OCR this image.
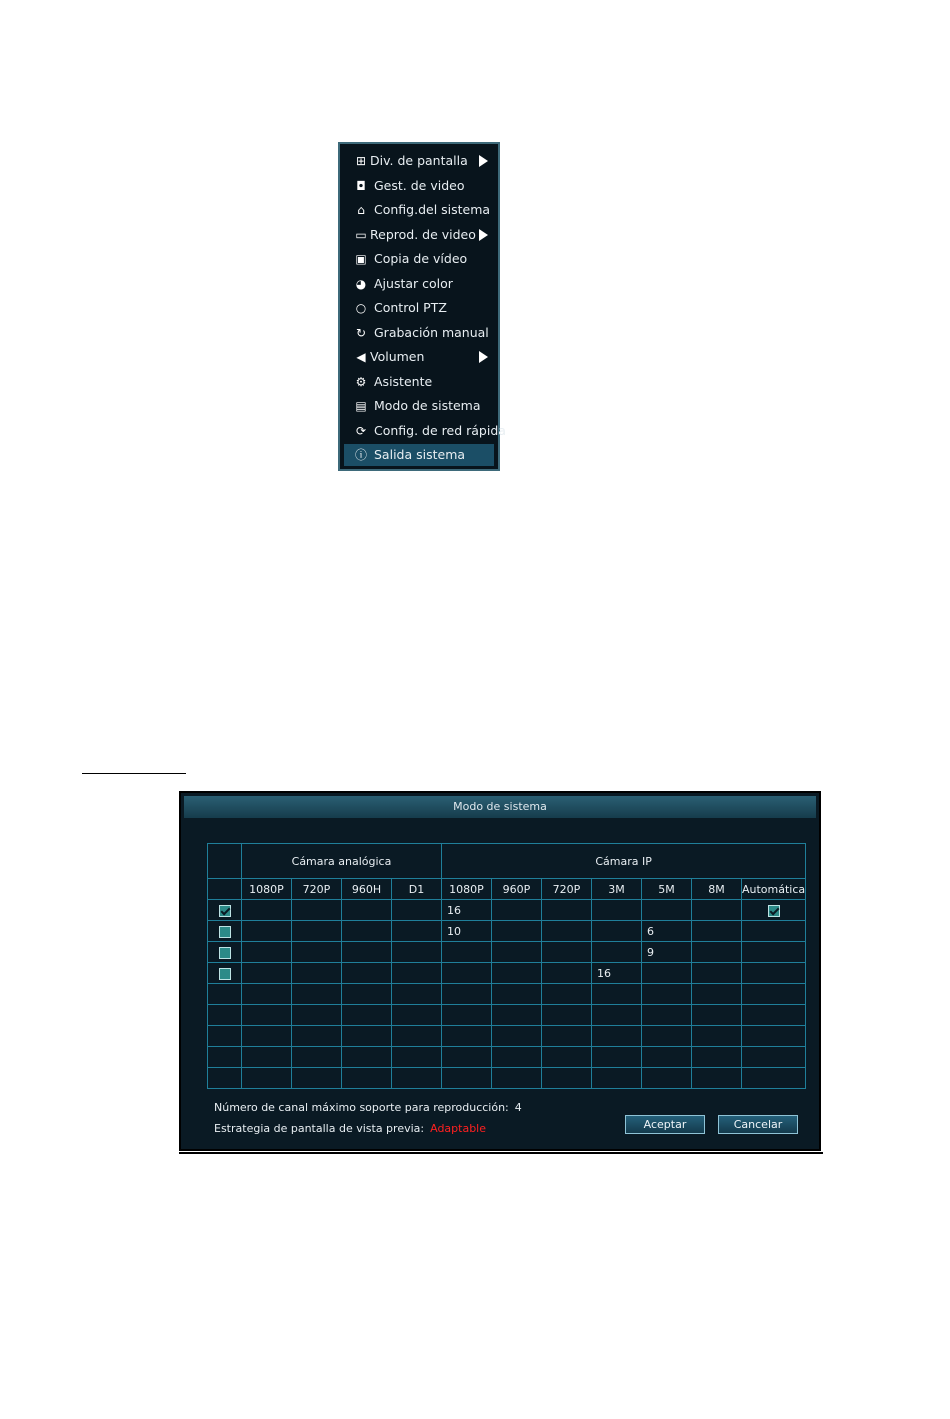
⊞ Div. de pantalla
◘ Gest. de video
⌂ Config.del sistema
▭ Reprod. de video
▣ Copia de vídeo
◕ Ajustar color
○ Control PTZ
↻ Grabación manual
◀ Volumen
⚙ Asistente
▤ Modo de sistema
⟳ Config. de red rápida
ⓘ Salida sistema
Modo de sistema
	Cámara analógica				Cámara IP						
	1080P	720P	960H	D1	1080P	960P	720P	3M	5M	8M	Automática
					16						
					10				6		
									9		
								16			

Número de canal máximo soporte para reproducción: 4
Estrategia de pantalla de vista previa: Adaptable	Aceptar	Cancelar
